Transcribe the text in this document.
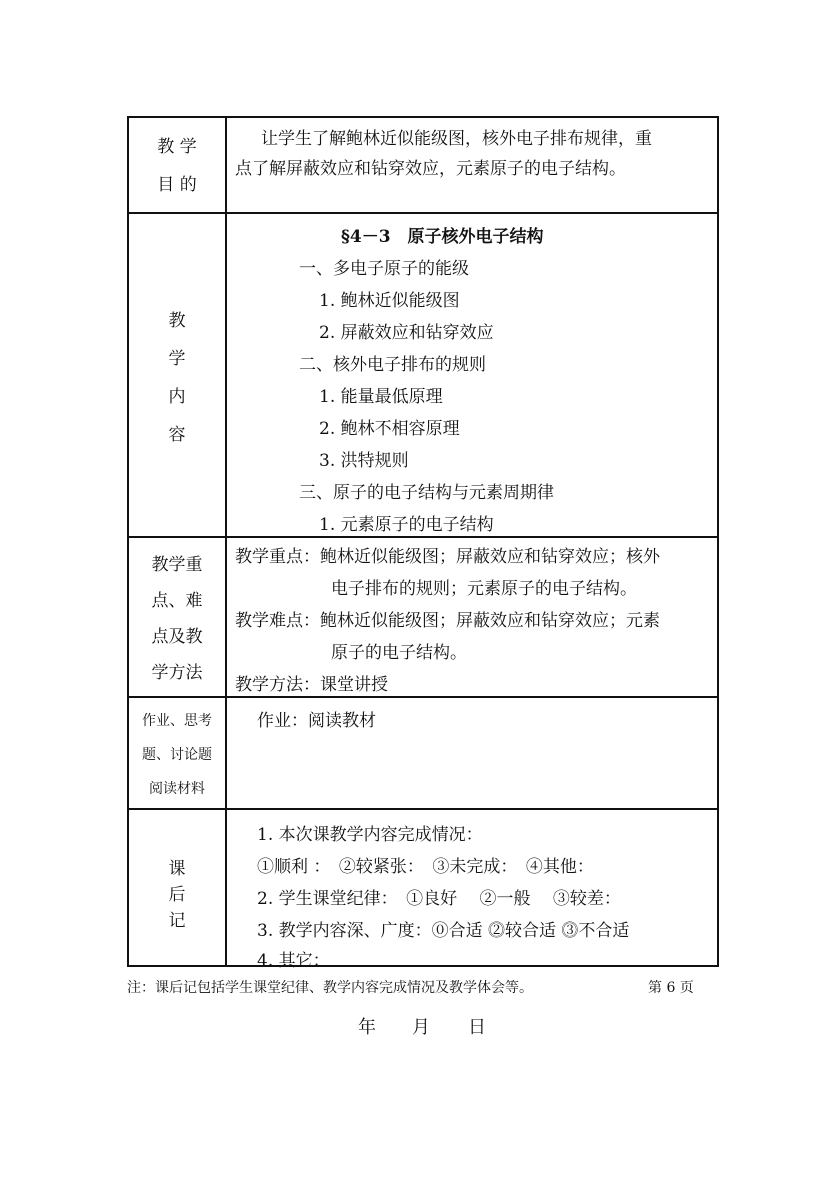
教 学
目 的
让学生了解鲍林近似能级图，核外电子排布规律，重
点了解屏蔽效应和钻穿效应，元素原子的电子结构。
教
学
内
容
§4－3　原子核外电子结构
一、多电子原子的能级
1. 鲍林近似能级图
2. 屏蔽效应和钻穿效应
二、核外电子排布的规则
1. 能量最低原理
2. 鲍林不相容原理
3. 洪特规则
三、原子的电子结构与元素周期律
1. 元素原子的电子结构
教学重
点、难
点及教
学方法
教学重点：鲍林近似能级图；屏蔽效应和钻穿效应；核外
电子排布的规则；元素原子的电子结构。
教学难点：鲍林近似能级图；屏蔽效应和钻穿效应；元素
原子的电子结构。
教学方法：课堂讲授
作业、思考
题、讨论题
阅读材料
作业：阅读教材
课
后
记
1. 本次课教学内容完成情况：
①顺利 ：　②较紧张：　③未完成：　④其他：
2. 学生课堂纪律：　①良好　 ②一般　 ③较差：
3. 教学内容深、广度：⓪合适 ⓶较合适 ⓷不合适
4. 其它：
注：课后记包括学生课堂纪律、教学内容完成情况及教学体会等。	第 6 页
年 月 日
